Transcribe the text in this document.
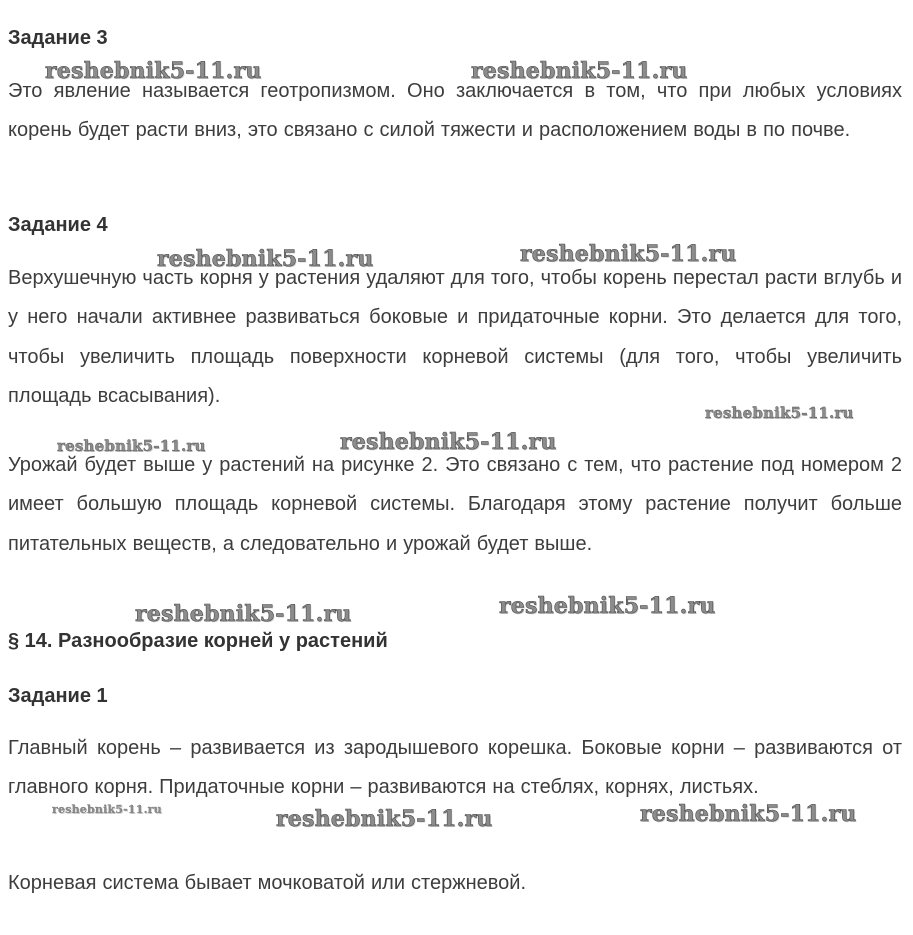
Задание 3

Это явление называется геотропизмом. Оно заключается в том, что при любых условиях корень будет расти вниз, это связано с силой тяжести и расположением воды в по почве.

Задание 4

Верхушечную часть корня у растения удаляют для того, чтобы корень перестал расти вглубь и у него начали активнее развиваться боковые и придаточные корни. Это делается для того, чтобы увеличить площадь поверхности корневой системы (для того, чтобы увеличить площадь всасывания).

Урожай будет выше у растений на рисунке 2. Это связано с тем, что растение под номером 2 имеет большую площадь корневой системы. Благодаря этому растение получит больше питательных веществ, а следовательно и урожай будет выше.

§ 14. Разнообразие корней у растений
Задание 1

Главный корень – развивается из зародышевого корешка. Боковые корни – развиваются от главного корня. Придаточные корни – развиваются на стеблях, корнях, листьях.

Корневая система бывает мочковатой или стержневой.

reshebnik5-11.ru	reshebnik5-11.ru
reshebnik5-11.ru	reshebnik5-11.ru
reshebnik5-11.ru
reshebnik5-11.ru	reshebnik5-11.ru
reshebnik5-11.ru	reshebnik5-11.ru
reshebnik5-11.ru	reshebnik5-11.ru	reshebnik5-11.ru
